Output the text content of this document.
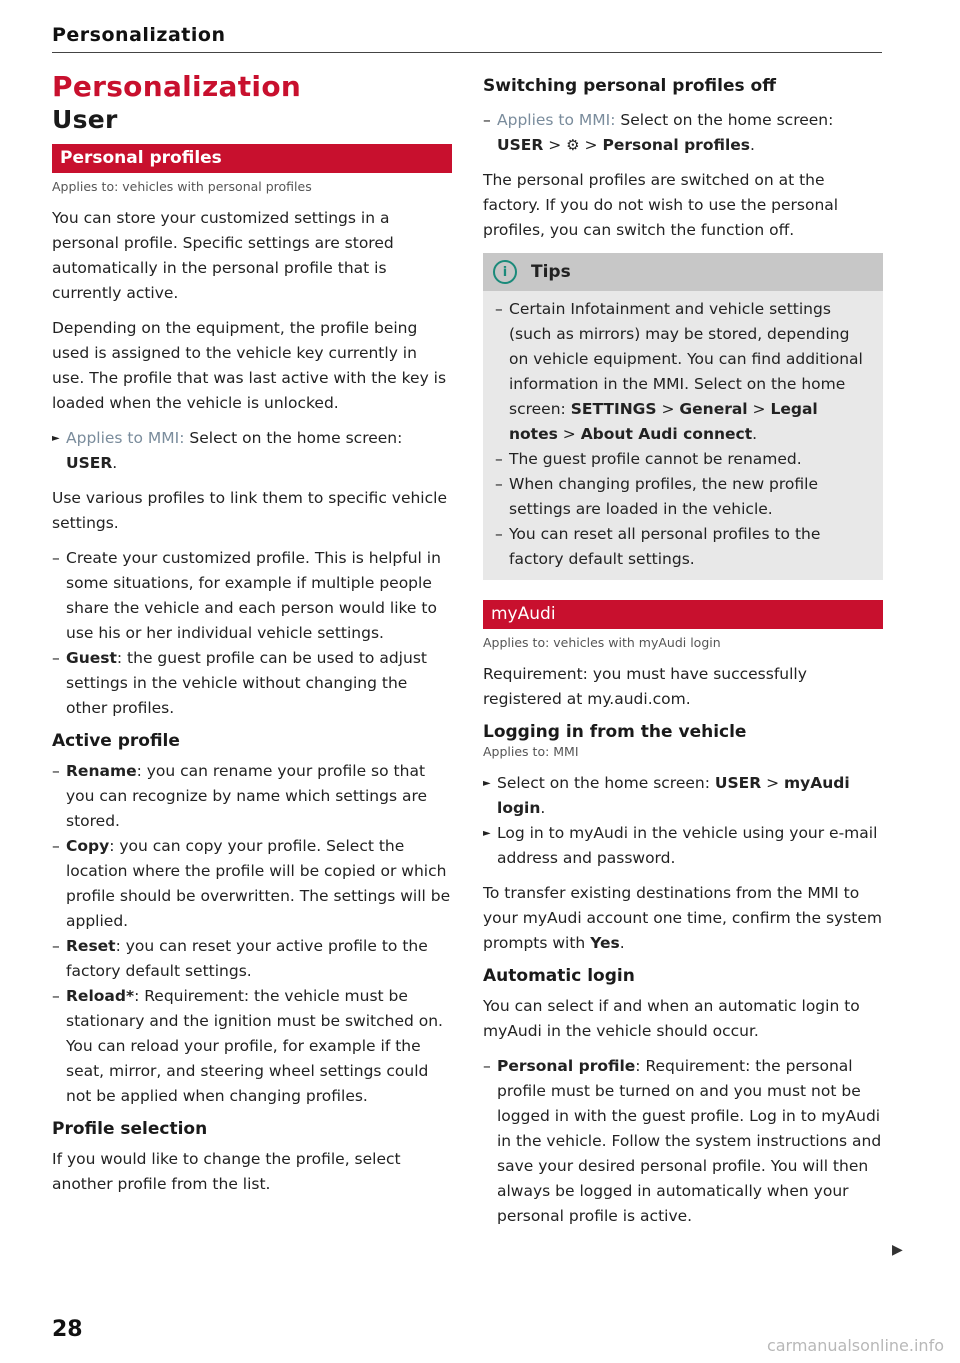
Personalization
Personalization
User
Personal profiles
Applies to: vehicles with personal profiles

You can store your customized settings in a personal profile. Specific settings are stored automatically in the personal profile that is currently active.

Depending on the equipment, the profile being used is assigned to the vehicle key currently in use. The profile that was last active with the key is loaded when the vehicle is unlocked.

► Applies to MMI: Select on the home screen: USER.

Use various profiles to link them to specific vehicle settings.

– Create your customized profile. This is helpful in some situations, for example if multiple people share the vehicle and each person would like to use his or her individual vehicle settings.
– Guest: the guest profile can be used to adjust settings in the vehicle without changing the other profiles.
Active profile
– Rename: you can rename your profile so that you can recognize by name which settings are stored.
– Copy: you can copy your profile. Select the location where the profile will be copied or which profile should be overwritten. The settings will be applied.
– Reset: you can reset your active profile to the factory default settings.
– Reload*: Requirement: the vehicle must be stationary and the ignition must be switched on. You can reload your profile, for example if the seat, mirror, and steering wheel settings could not be applied when changing profiles.
Profile selection

If you would like to change the profile, select another profile from the list.

Switching personal profiles off
– Applies to MMI: Select on the home screen:
USER > ⚙ > Personal profiles.

The personal profiles are switched on at the factory. If you do not wish to use the personal profiles, you can switch the function off.

i	Tips
– Certain Infotainment and vehicle settings (such as mirrors) may be stored, depending on vehicle equipment. You can find additional information in the MMI. Select on the home screen: SETTINGS > General > Legal notes > About Audi connect.
– The guest profile cannot be renamed.
– When changing profiles, the new profile settings are loaded in the vehicle.
– You can reset all personal profiles to the factory default settings.
myAudi
Applies to: vehicles with myAudi login

Requirement: you must have successfully registered at my.audi.com.

Logging in from the vehicle
Applies to: MMI
► Select on the home screen: USER > myAudi login.
► Log in to myAudi in the vehicle using your e-mail address and password.

To transfer existing destinations from the MMI to your myAudi account one time, confirm the system prompts with Yes.

Automatic login

You can select if and when an automatic login to myAudi in the vehicle should occur.

– Personal profile: Requirement: the personal profile must be turned on and you must not be logged in with the guest profile. Log in to myAudi in the vehicle. Follow the system instructions and save your desired personal profile. You will then always be logged in automatically when your personal profile is active.
▶
28
carmanualsonline.info
